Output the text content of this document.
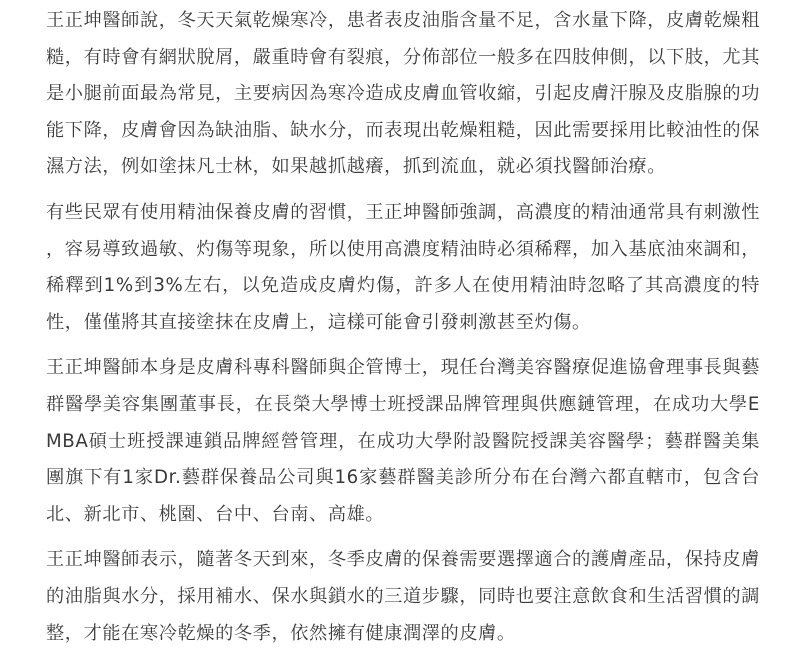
王正坤醫師說，冬天天氣乾燥寒冷，患者表皮油脂含量不足，含水量下降，皮膚乾燥粗糙，有時會有網狀脫屑，嚴重時會有裂痕，分佈部位一般多在四肢伸側，以下肢，尤其是小腿前面最為常見，主要病因為寒冷造成皮膚血管收縮，引起皮膚汗腺及皮脂腺的功能下降，皮膚會因為缺油脂、缺水分，而表現出乾燥粗糙，因此需要採用比較油性的保濕方法，例如塗抹凡士林，如果越抓越癢，抓到流血，就必須找醫師治療。

有些民眾有使用精油保養皮膚的習慣，王正坤醫師強調，高濃度的精油通常具有刺激性，容易導致過敏、灼傷等現象，所以使用高濃度精油時必須稀釋，加入基底油來調和，稀釋到1%到3%左右，以免造成皮膚灼傷，許多人在使用精油時忽略了其高濃度的特性，僅僅將其直接塗抹在皮膚上，這樣可能會引發刺激甚至灼傷。

王正坤醫師本身是皮膚科專科醫師與企管博士，現任台灣美容醫療促進協會理事長與藝群醫學美容集團董事長，在長榮大學博士班授課品牌管理與供應鏈管理，在成功大學EMBA碩士班授課連鎖品牌經營管理，在成功大學附設醫院授課美容醫學；藝群醫美集團旗下有1家Dr.藝群保養品公司與16家藝群醫美診所分布在台灣六都直轄市，包含台北、新北市、桃園、台中、台南、高雄。

王正坤醫師表示，隨著冬天到來，冬季皮膚的保養需要選擇適合的護膚產品，保持皮膚的油脂與水分，採用補水、保水與鎖水的三道步驟，同時也要注意飲食和生活習慣的調整，才能在寒冷乾燥的冬季，依然擁有健康潤澤的皮膚。
